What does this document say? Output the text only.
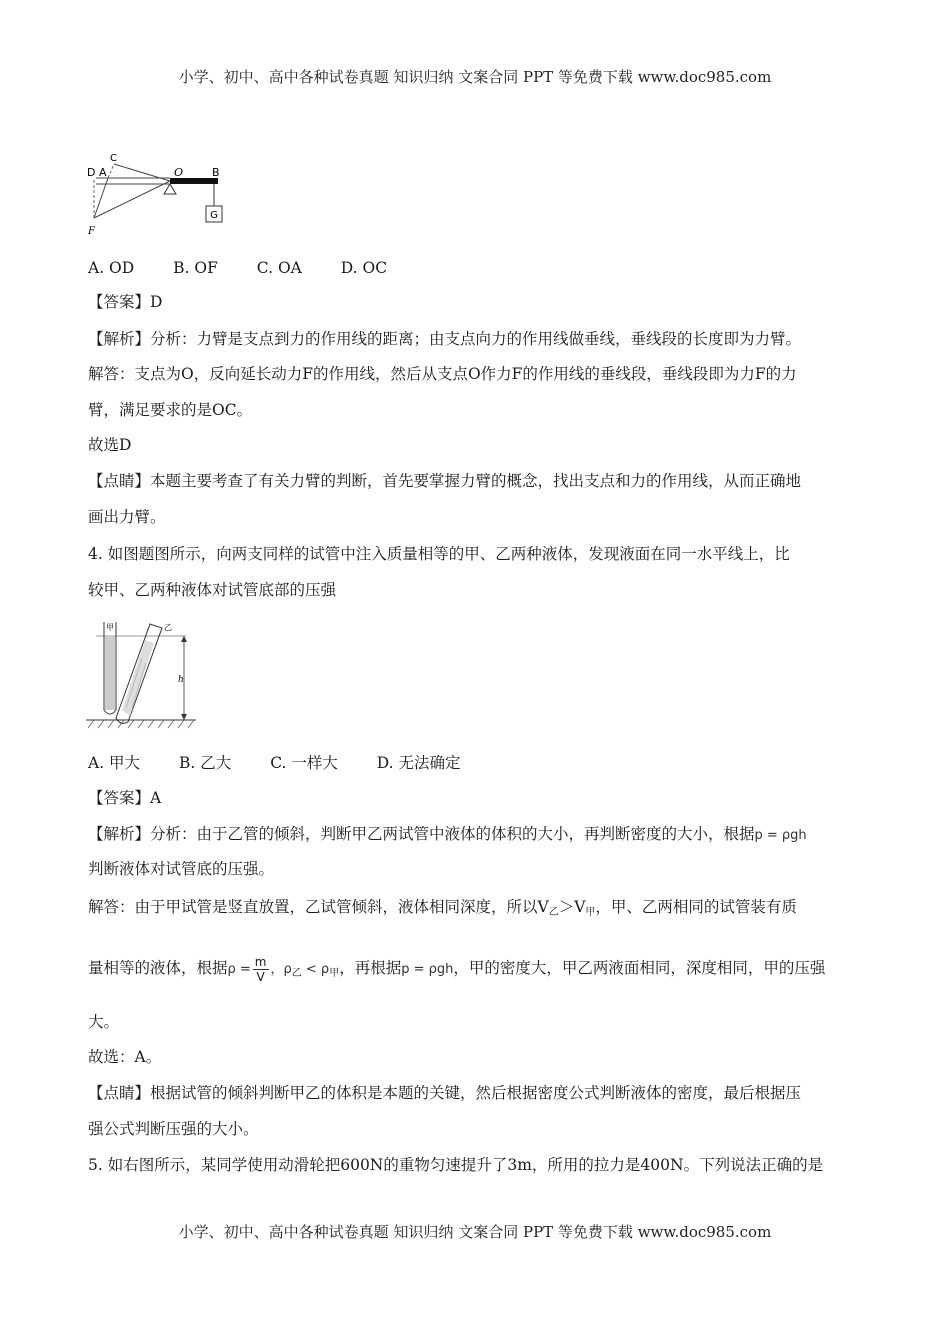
小学、初中、高中各种试卷真题 知识归纳 文案合同 PPT 等免费下载 www.doc985.com
G
C
D A	O	B
F
A. OD	B. OF	C. OA	D. OC
【答案】D
【解析】分析：力臂是支点到力的作用线的距离；由支点向力的作用线做垂线，垂线段的长度即为力臂。
解答：支点为O，反向延长动力F的作用线，然后从支点O作力F的作用线的垂线段，垂线段即为力F的力
臂，满足要求的是OC。
故选D
【点睛】本题主要考查了有关力臂的判断，首先要掌握力臂的概念，找出支点和力的作用线，从而正确地
画出力臂。
4. 如图题图所示，向两支同样的试管中注入质量相等的甲、乙两种液体，发现液面在同一水平线上，比
较甲、乙两种液体对试管底部的压强
甲	乙
h
A. 甲大	B. 乙大	C. 一样大	D. 无法确定
【答案】A
【解析】分析：由于乙管的倾斜，判断甲乙两试管中液体的体积的大小，再判断密度的大小，根据p = ρgh
判断液体对试管底的压强。
解答：由于甲试管是竖直放置，乙试管倾斜，液体相同深度，所以$V_乙>V_甲$，甲、乙两相同的试管装有质
量相等的液体，根据$\rho = \frac{m}{V}$ ，$\rho_乙 < \rho_甲$，再根据p = ρgh，甲的密度大，甲乙两液面相同，深度相同，甲的压强
大。
故选：A。
【点睛】根据试管的倾斜判断甲乙的体积是本题的关键，然后根据密度公式判断液体的密度，最后根据压
强公式判断压强的大小。
5. 如右图所示，某同学使用动滑轮把600N的重物匀速提升了3m，所用的拉力是400N。下列说法正确的是
小学、初中、高中各种试卷真题 知识归纳 文案合同 PPT 等免费下载 www.doc985.com
